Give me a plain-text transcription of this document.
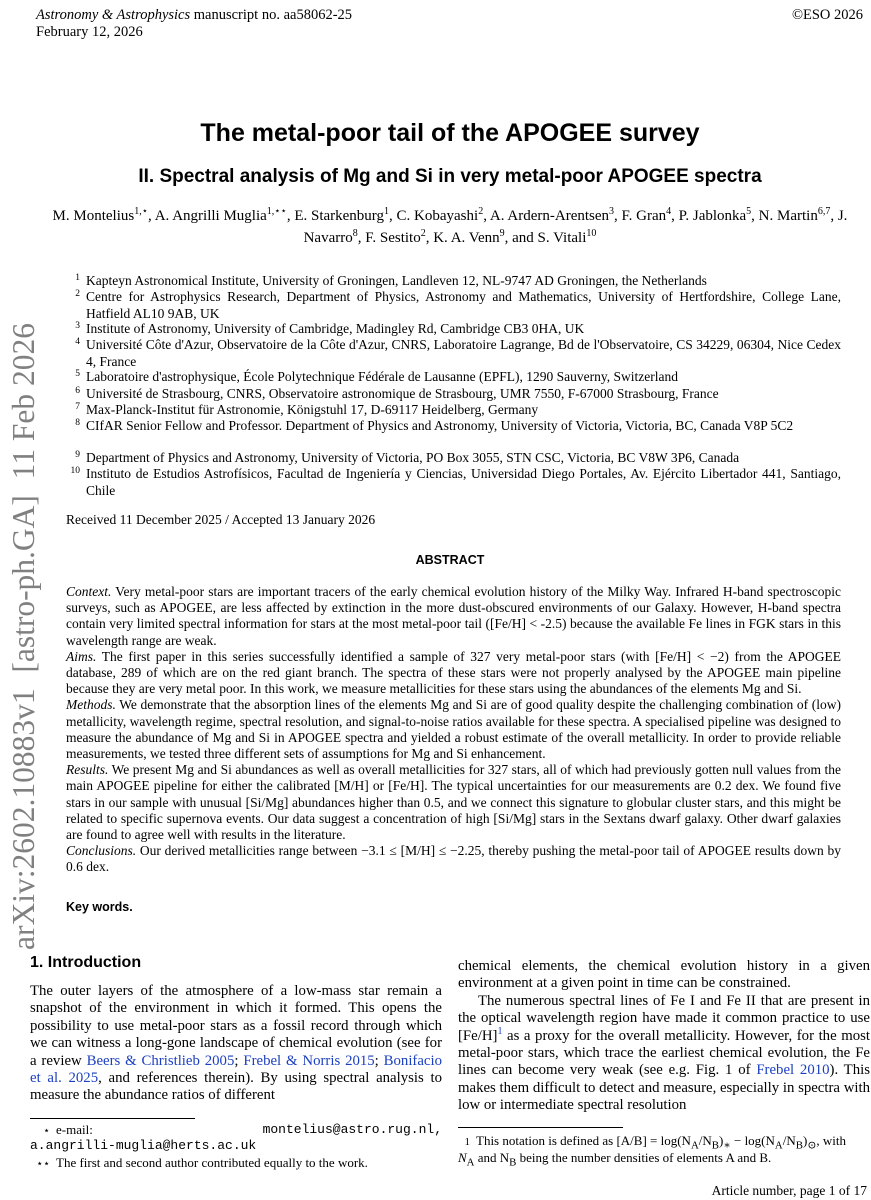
Astronomy & Astrophysics manuscript no. aa58062-25
February 12, 2026
©ESO 2026
arXiv:2602.10883v1  [astro-ph.GA]  11 Feb 2026
The metal-poor tail of the APOGEE survey
II. Spectral analysis of Mg and Si in very metal-poor APOGEE spectra
M. Montelius$^{1,⋆}$, A. Angrilli Muglia$^{1,⋆⋆}$, E. Starkenburg$^1$, C. Kobayashi$^2$, A. Ardern-Arentsen$^3$, F. Gran$^4$, P. Jablonka$^5$, N. Martin$^{6,7}$, J. Navarro$^8$, F. Sestito$^2$, K. A. Venn$^9$, and S. Vitali$^{10}$
1 Kapteyn Astronomical Institute, University of Groningen, Landleven 12, NL-9747 AD Groningen, the Netherlands
2 Centre for Astrophysics Research, Department of Physics, Astronomy and Mathematics, University of Hertfordshire, College Lane, Hatfield AL10 9AB, UK
3 Institute of Astronomy, University of Cambridge, Madingley Rd, Cambridge CB3 0HA, UK
4 Université Côte d'Azur, Observatoire de la Côte d'Azur, CNRS, Laboratoire Lagrange, Bd de l'Observatoire, CS 34229, 06304, Nice Cedex 4, France
5 Laboratoire d'astrophysique, École Polytechnique Fédérale de Lausanne (EPFL), 1290 Sauverny, Switzerland
6 Université de Strasbourg, CNRS, Observatoire astronomique de Strasbourg, UMR 7550, F-67000 Strasbourg, France
7 Max-Planck-Institut für Astronomie, Königstuhl 17, D-69117 Heidelberg, Germany
8 CIfAR Senior Fellow and Professor. Department of Physics and Astronomy, University of Victoria, Victoria, BC, Canada V8P 5C2
9 Department of Physics and Astronomy, University of Victoria, PO Box 3055, STN CSC, Victoria, BC V8W 3P6, Canada
10 Instituto de Estudios Astrofísicos, Facultad de Ingeniería y Ciencias, Universidad Diego Portales, Av. Ejército Libertador 441, Santiago, Chile
Received 11 December 2025 / Accepted 13 January 2026
ABSTRACT

Context. Very metal-poor stars are important tracers of the early chemical evolution history of the Milky Way. Infrared H-band spectroscopic surveys, such as APOGEE, are less affected by extinction in the more dust-obscured environments of our Galaxy. However, H-band spectra contain very limited spectral information for stars at the most metal-poor tail ([Fe/H] < -2.5) because the available Fe lines in FGK stars in this wavelength range are weak.

Aims. The first paper in this series successfully identified a sample of 327 very metal-poor stars (with [Fe/H] < −2) from the APOGEE database, 289 of which are on the red giant branch. The spectra of these stars were not properly analysed by the APOGEE main pipeline because they are very metal poor. In this work, we measure metallicities for these stars using the abundances of the elements Mg and Si.

Methods. We demonstrate that the absorption lines of the elements Mg and Si are of good quality despite the challenging combination of (low) metallicity, wavelength regime, spectral resolution, and signal-to-noise ratios available for these spectra. A specialised pipeline was designed to measure the abundance of Mg and Si in APOGEE spectra and yielded a robust estimate of the overall metallicity. In order to provide reliable measurements, we tested three different sets of assumptions for Mg and Si enhancement.

Results. We present Mg and Si abundances as well as overall metallicities for 327 stars, all of which had previously gotten null values from the main APOGEE pipeline for either the calibrated [M/H] or [Fe/H]. The typical uncertainties for our measurements are 0.2 dex. We found five stars in our sample with unusual [Si/Mg] abundances higher than 0.5, and we connect this signature to globular cluster stars, and this might be related to specific supernova events. Our data suggest a concentration of high [Si/Mg] stars in the Sextans dwarf galaxy. Other dwarf galaxies are found to agree well with results in the literature.

Conclusions. Our derived metallicities range between −3.1 ≤ [M/H] ≤ −2.25, thereby pushing the metal-poor tail of APOGEE results down by 0.6 dex.

Key words.
1. Introduction

The outer layers of the atmosphere of a low-mass star remain a snapshot of the environment in which it formed. This opens the possibility to use metal-poor stars as a fossil record through which we can witness a long-gone landscape of chemical evolution (see for a review Beers & Christlieb 2005; Frebel & Norris 2015; Bonifacio et al. 2025, and references therein). By using spectral analysis to measure the abundance ratios of different

chemical elements, the chemical evolution history in a given environment at a given point in time can be constrained.

The numerous spectral lines of Fe I and Fe II that are present in the optical wavelength region have made it common practice to use $[Fe/H]^1$ as a proxy for the overall metallicity. However, for the most metal-poor stars, which trace the earliest chemical evolution, the Fe lines can become very weak (see e.g. Fig. 1 of Frebel 2010). This makes them difficult to detect and measure, especially in spectra with low or intermediate spectral resolution

⋆ e-mail:	montelius@astro.rug.nl,
a.angrilli-muglia@herts.ac.uk
⋆⋆ The first and second author contributed equally to the work.
1 This notation is defined as $[A/B] = \log(N_A/N_B)_∗ - \log(N_A/N_B)_⊙$, with
$N_A$ and $N_B$ being the number densities of elements A and B.
Article number, page 1 of 17
